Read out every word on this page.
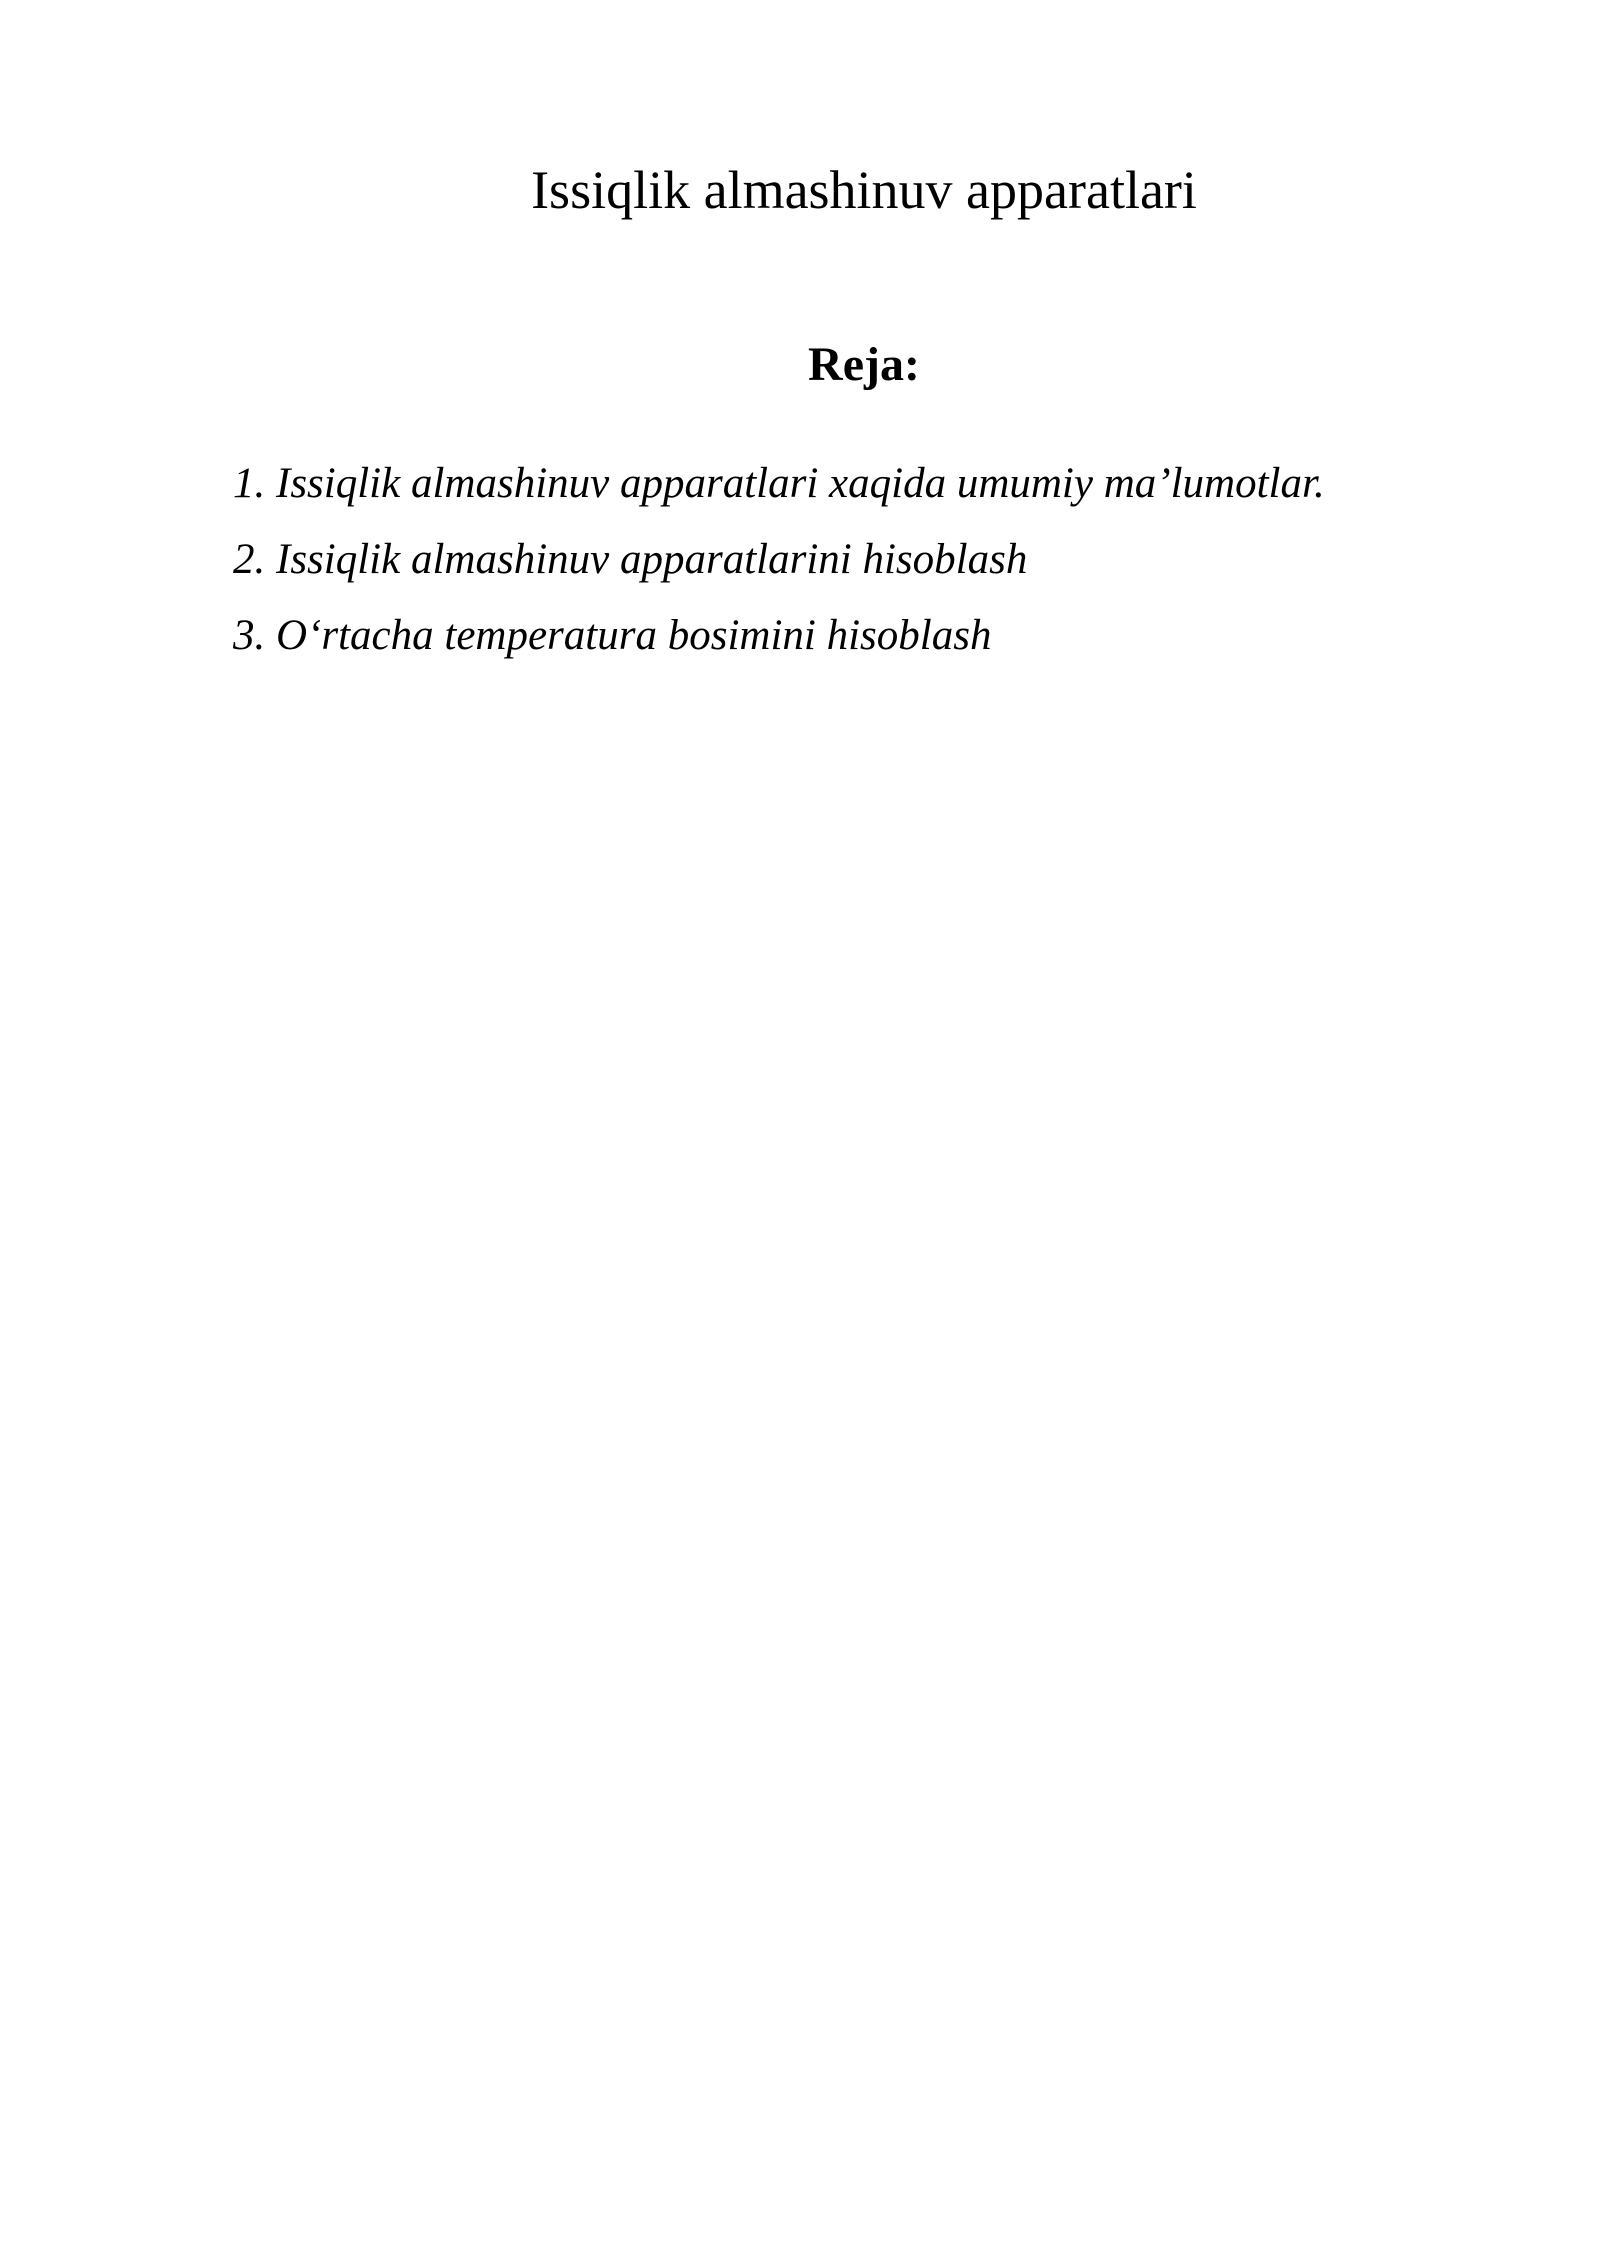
Issiqlik almashinuv apparatlari
Reja:
1. Issiqlik almashinuv apparatlari xaqida umumiy ma’lumotlar.
2. Issiqlik almashinuv apparatlarini hisoblash
3. O‘rtacha temperatura bosimini hisoblash
